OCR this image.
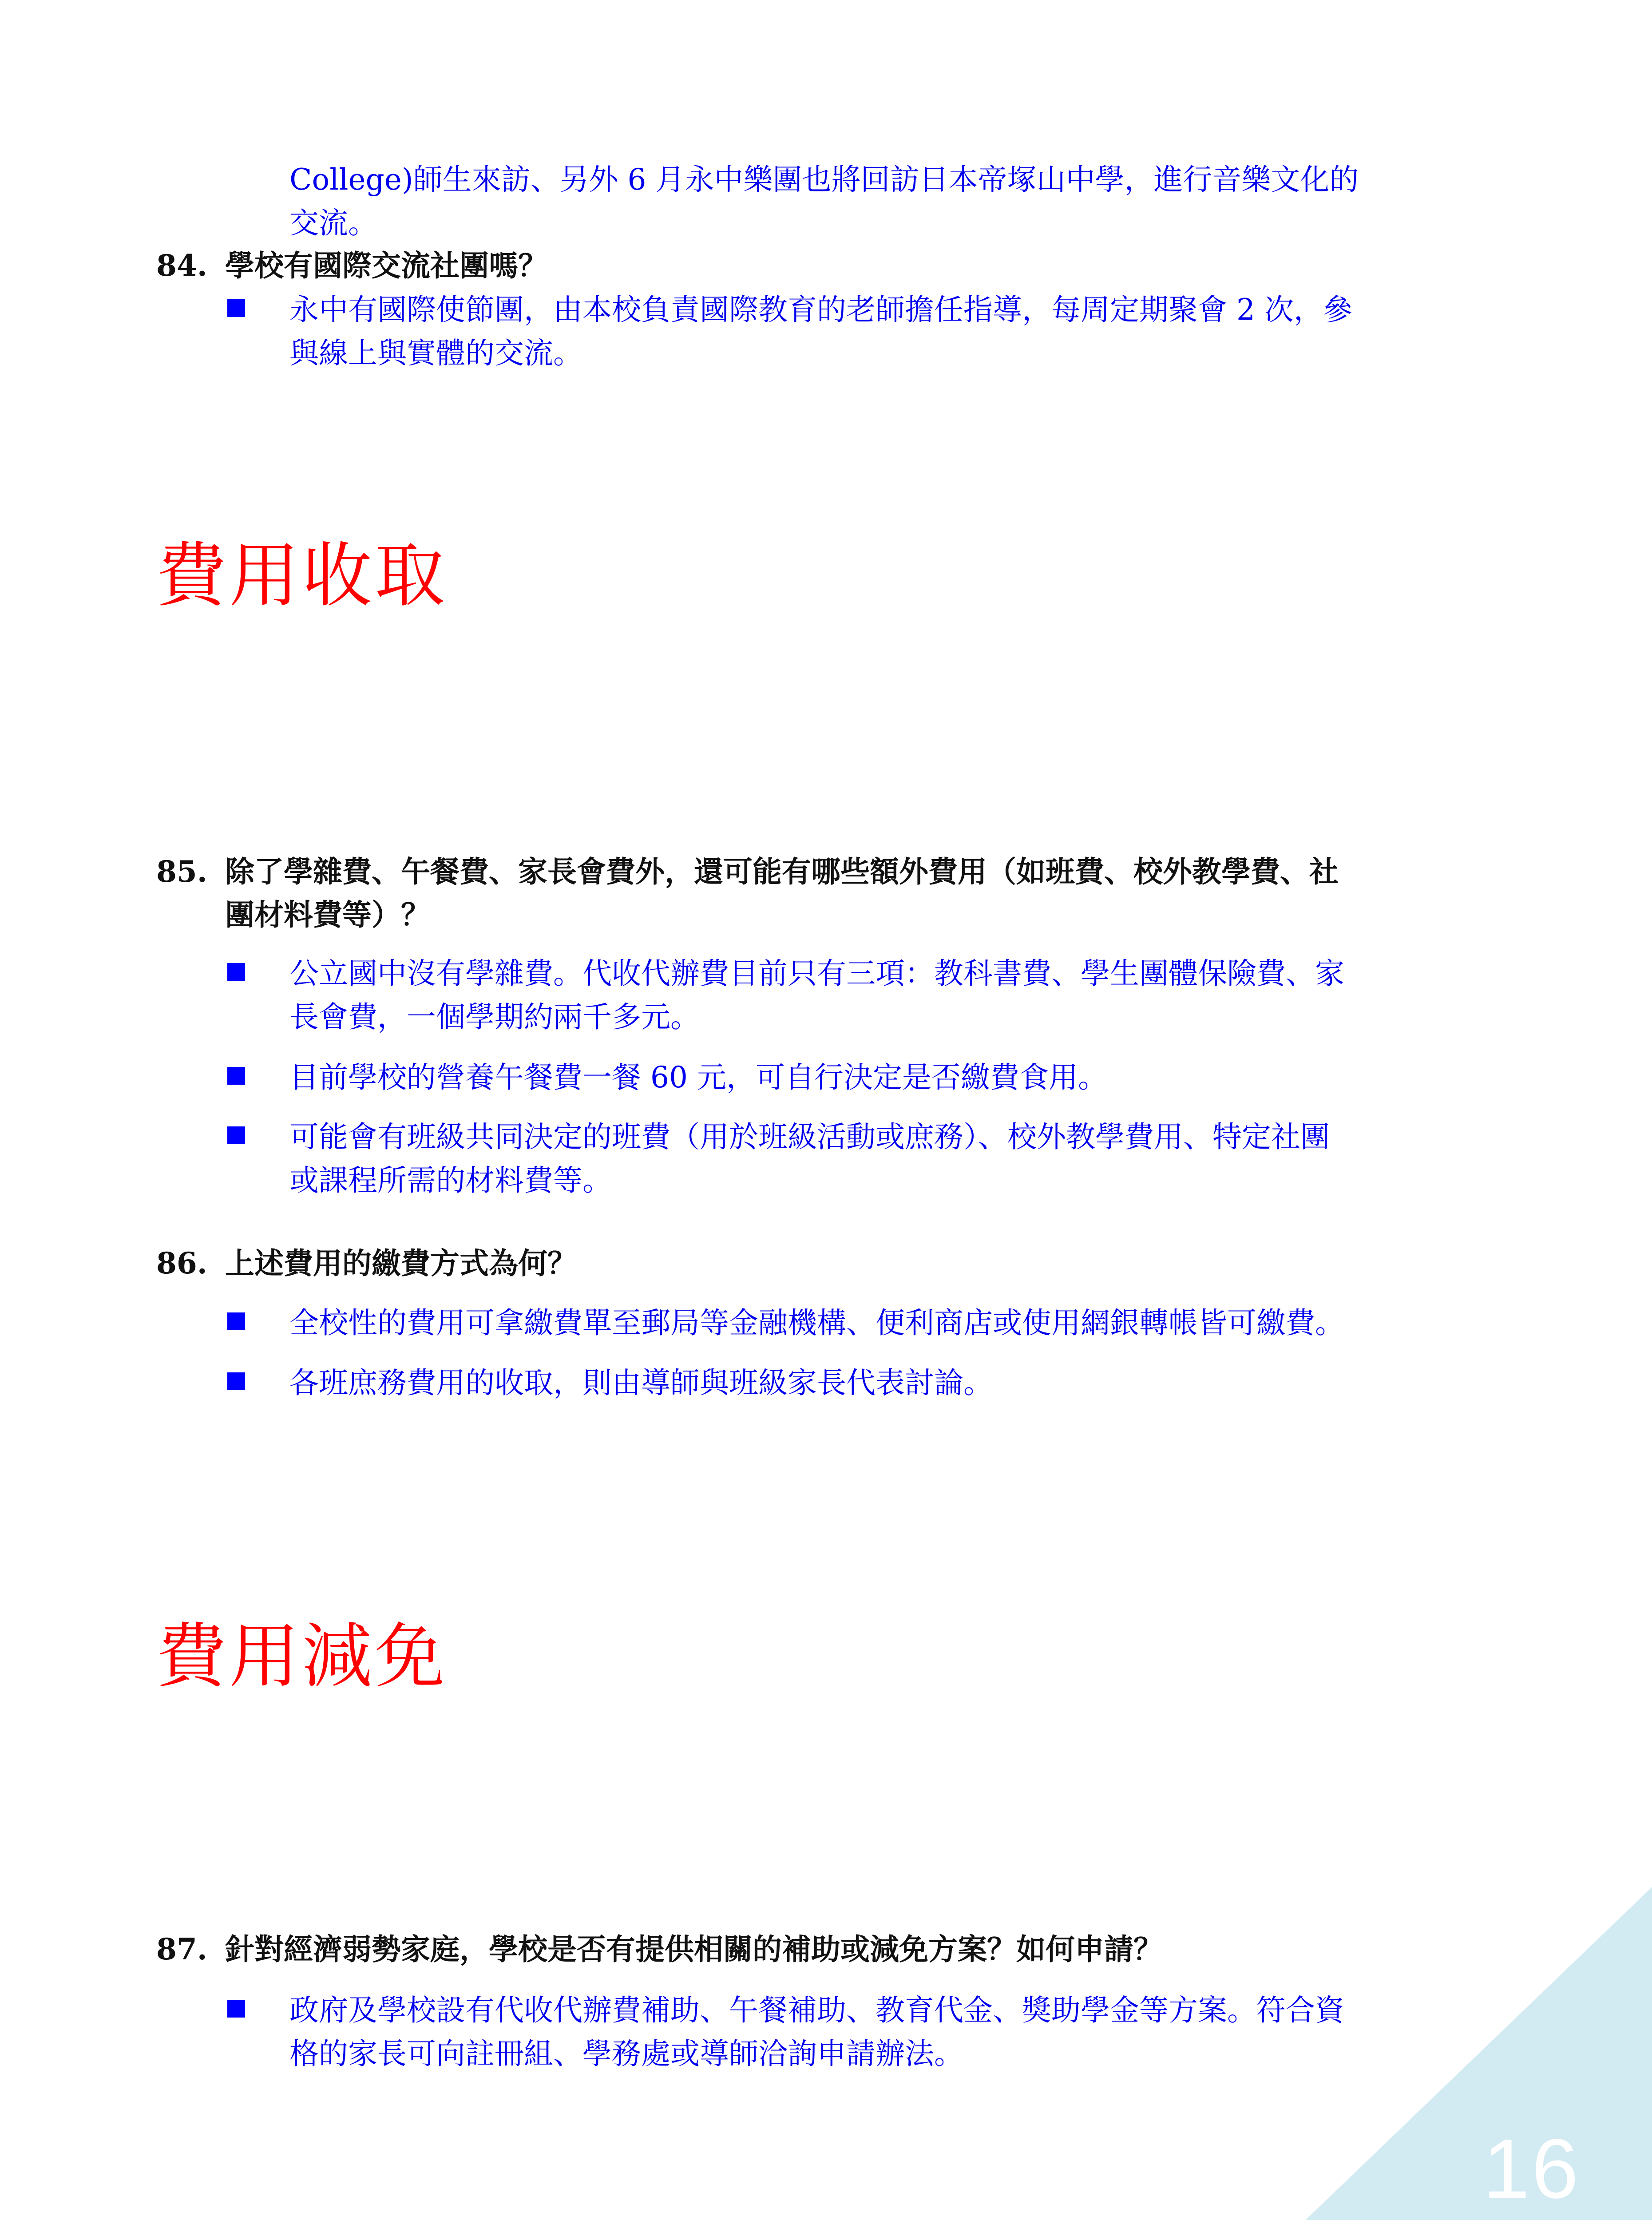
College)師生來訪、另外 6 月永中樂團也將回訪日本帝塚山中學，進行音樂文化的
交流。
84. 學校有國際交流社團嗎？
永中有國際使節團，由本校負責國際教育的老師擔任指導，每周定期聚會 2 次，參
與線上與實體的交流。
費用收取
85. 除了學雜費、午餐費、家長會費外，還可能有哪些額外費用（如班費、校外教學費、社
團材料費等）？
公立國中沒有學雜費。代收代辦費目前只有三項：教科書費、學生團體保險費、家
長會費，一個學期約兩千多元。
目前學校的營養午餐費一餐 60 元，可自行決定是否繳費食用。
可能會有班級共同決定的班費（用於班級活動或庶務）、校外教學費用、特定社團
或課程所需的材料費等。
86. 上述費用的繳費方式為何？
全校性的費用可拿繳費單至郵局等金融機構、便利商店或使用網銀轉帳皆可繳費。
各班庶務費用的收取，則由導師與班級家長代表討論。
費用減免
87. 針對經濟弱勢家庭，學校是否有提供相關的補助或減免方案？如何申請？
政府及學校設有代收代辦費補助、午餐補助、教育代金、獎助學金等方案。符合資
格的家長可向註冊組、學務處或導師洽詢申請辦法。
16
